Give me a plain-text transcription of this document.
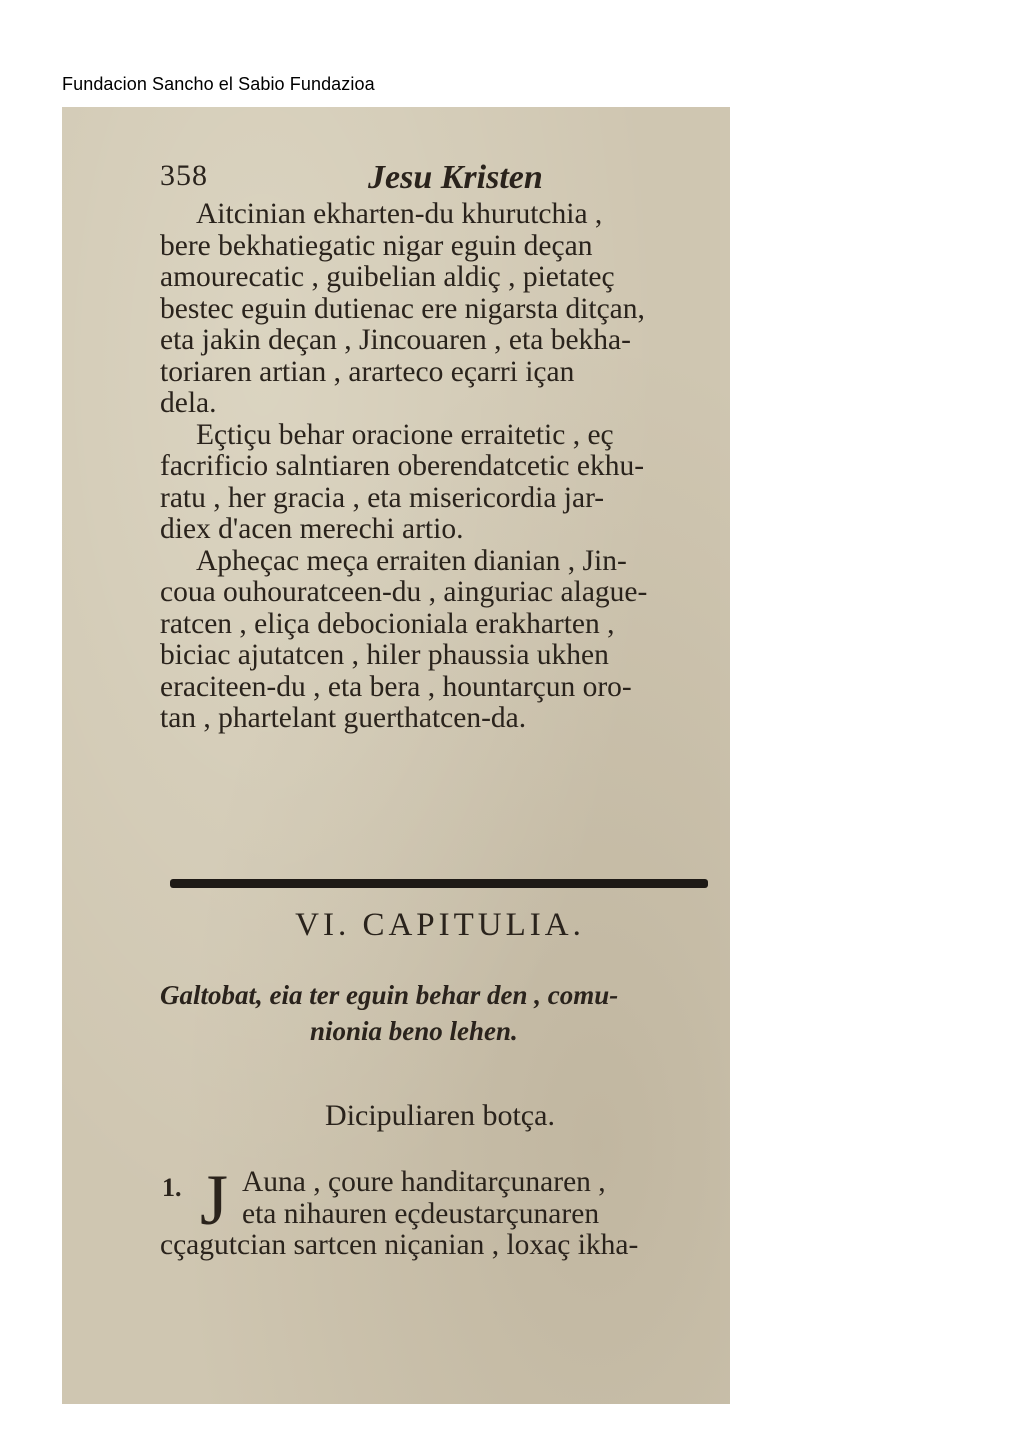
Fundacion Sancho el Sabio Fundazioa
358	Jesu Kristen
Aitcinian ekharten-du khurutchia ,
bere bekhatiegatic nigar eguin deçan
amourecatic , guibelian aldiç , pietateç
bestec eguin dutienac ere nigarsta ditçan,
eta jakin deçan , Jincouaren , eta bekha-
toriaren artian , ararteco eçarri içan
dela.
Eçtiçu behar oracione erraitetic , eç
facrificio salntiaren oberendatcetic ekhu-
ratu , her gracia , eta misericordia jar-
diex d'acen merechi artio.
Apheçac meça erraiten dianian , Jin-
coua ouhouratceen-du , ainguriac alague-
ratcen , eliça debocioniala erakharten ,
biciac ajutatcen , hiler phaussia ukhen
eraciteen-du , eta bera , hountarçun oro-
tan , phartelant guerthatcen-da.
VI. CAPITULIA.
Galtobat, eia ter eguin behar den , comu-
nionia beno lehen.
Dicipuliaren botça.
1. J Auna , çoure handitarçunaren ,
eta nihauren eçdeustarçunaren
cçagutcian sartcen niçanian , loxaç ikha-
